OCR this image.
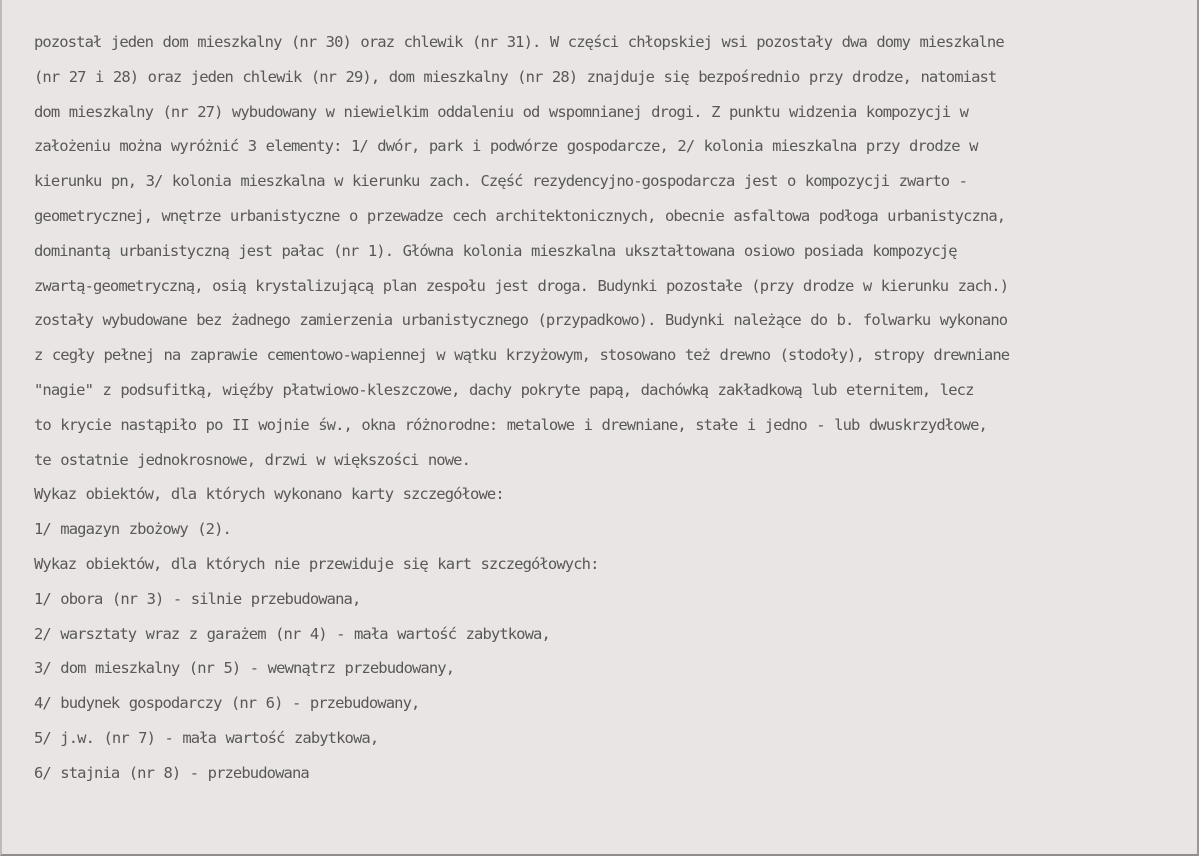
pozostał jeden dom mieszkalny (nr 30) oraz chlewik (nr 31). W części chłopskiej wsi pozostały dwa domy mieszkalne
(nr 27 i 28) oraz jeden chlewik (nr 29), dom mieszkalny (nr 28) znajduje się bezpośrednio przy drodze, natomiast
dom mieszkalny (nr 27) wybudowany w niewielkim oddaleniu od wspomnianej drogi. Z punktu widzenia kompozycji w
założeniu można wyróżnić 3 elementy: 1/ dwór, park i podwórze gospodarcze, 2/ kolonia mieszkalna przy drodze w
kierunku pn, 3/ kolonia mieszkalna w kierunku zach. Część rezydencyjno-gospodarcza jest o kompozycji zwarto -
geometrycznej, wnętrze urbanistyczne o przewadze cech architektonicznych, obecnie asfaltowa podłoga urbanistyczna,
dominantą urbanistyczną jest pałac (nr 1). Główna kolonia mieszkalna ukształtowana osiowo posiada kompozycję
zwartą-geometryczną, osią krystalizującą plan zespołu jest droga. Budynki pozostałe (przy drodze w kierunku zach.)
zostały wybudowane bez żadnego zamierzenia urbanistycznego (przypadkowo). Budynki należące do b. folwarku wykonano
z cegły pełnej na zaprawie cementowo-wapiennej w wątku krzyżowym, stosowano też drewno (stodoły), stropy drewniane
"nagie" z podsufitką, więźby płatwiowo-kleszczowe, dachy pokryte papą, dachówką zakładkową lub eternitem, lecz
to krycie nastąpiło po II wojnie św., okna różnorodne: metalowe i drewniane, stałe i jedno - lub dwuskrzydłowe,
te ostatnie jednokrosnowe, drzwi w większości nowe.
Wykaz obiektów, dla których wykonano karty szczegółowe:
1/ magazyn zbożowy (2).
Wykaz obiektów, dla których nie przewiduje się kart szczegółowych:
1/ obora (nr 3) - silnie przebudowana,
2/ warsztaty wraz z garażem (nr 4) - mała wartość zabytkowa,
3/ dom mieszkalny (nr 5) - wewnątrz przebudowany,
4/ budynek gospodarczy (nr 6) - przebudowany,
5/ j.w. (nr 7) - mała wartość zabytkowa,
6/ stajnia (nr 8) - przebudowana
